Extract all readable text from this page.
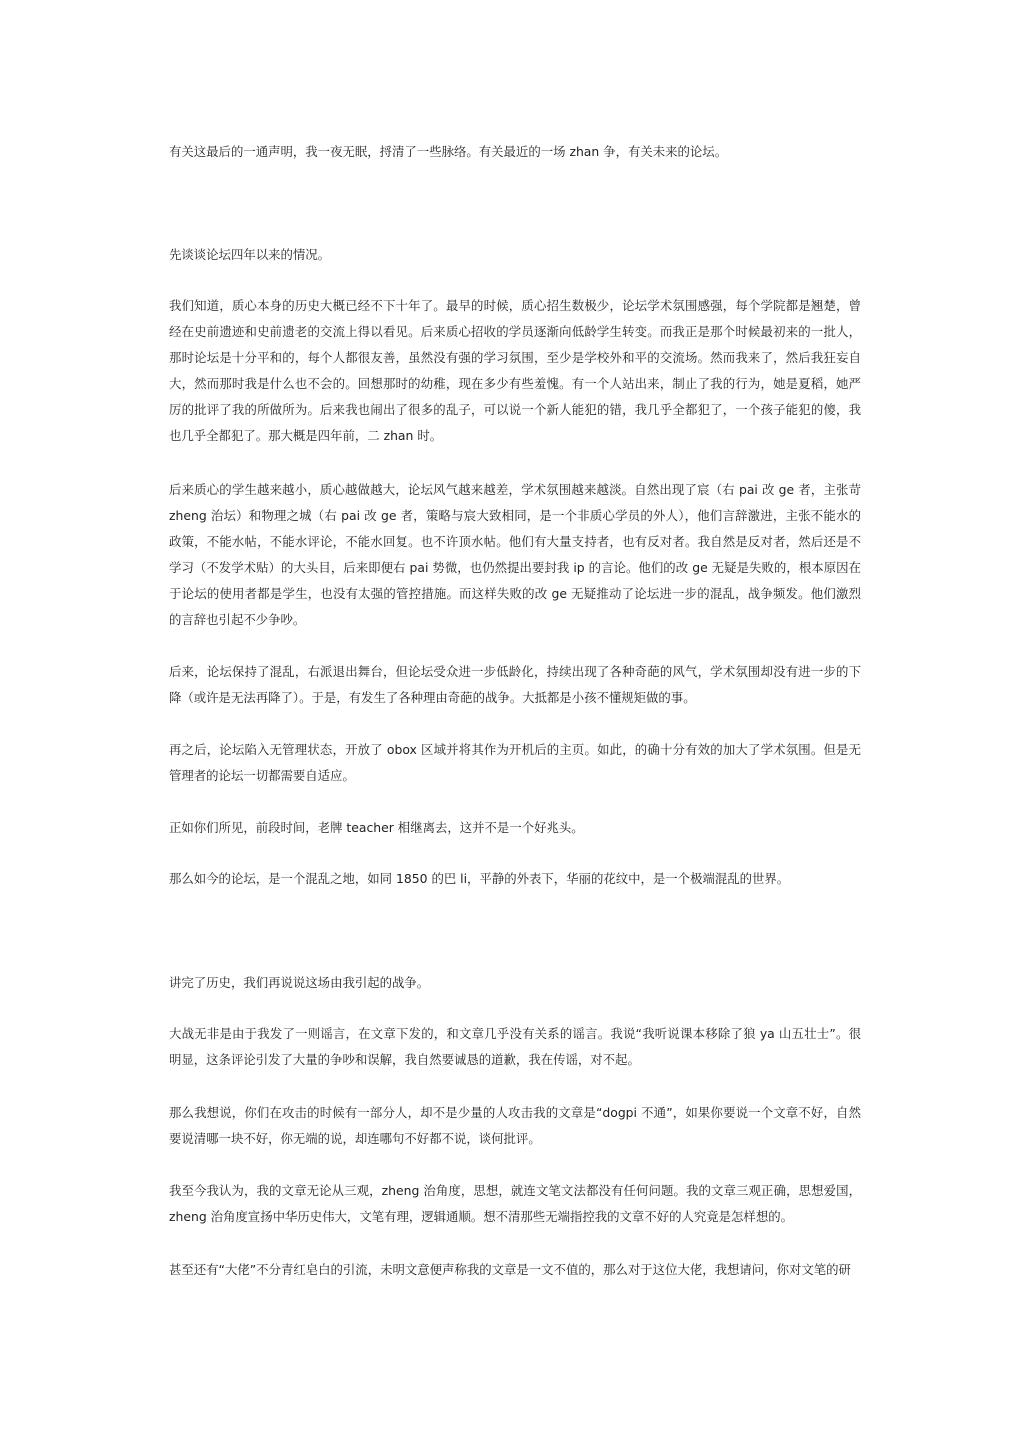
有关这最后的一通声明，我一夜无眠，捋清了一些脉络。有关最近的一场 zhan 争，有关未来的论坛。

先谈谈论坛四年以来的情况。

我们知道，质心本身的历史大概已经不下十年了。最早的时候，质心招生数极少，论坛学术氛围感强，每个学院都是翘楚，曾经在史前遗迹和史前遗老的交流上得以看见。后来质心招收的学员逐渐向低龄学生转变。而我正是那个时候最初来的一批人，那时论坛是十分平和的，每个人都很友善，虽然没有强的学习氛围，至少是学校外和平的交流场。然而我来了，然后我狂妄自大，然而那时我是什么也不会的。回想那时的幼稚，现在多少有些羞愧。有一个人站出来，制止了我的行为，她是夏稻，她严厉的批评了我的所做所为。后来我也闹出了很多的乱子，可以说一个新人能犯的错，我几乎全都犯了，一个孩子能犯的傻，我也几乎全都犯了。那大概是四年前，二 zhan 时。

后来质心的学生越来越小，质心越做越大，论坛风气越来越差，学术氛围越来越淡。自然出现了宸（右 pai 改 ge 者，主张苛 zheng 治坛）和物理之城（右 pai 改 ge 者，策略与宸大致相同，是一个非质心学员的外人），他们言辞激进，主张不能水的政策，不能水帖，不能水评论，不能水回复。也不许顶水帖。他们有大量支持者，也有反对者。我自然是反对者，然后还是不学习（不发学术贴）的大头目，后来即便右 pai 势微，也仍然提出要封我 ip 的言论。他们的改 ge 无疑是失败的，根本原因在于论坛的使用者都是学生，也没有太强的管控措施。而这样失败的改 ge 无疑推动了论坛进一步的混乱，战争频发。他们激烈的言辞也引起不少争吵。

后来，论坛保持了混乱，右派退出舞台，但论坛受众进一步低龄化，持续出现了各种奇葩的风气，学术氛围却没有进一步的下降（或许是无法再降了）。于是，有发生了各种理由奇葩的战争。大抵都是小孩不懂规矩做的事。

再之后，论坛陷入无管理状态，开放了 obox 区域并将其作为开机后的主页。如此，的确十分有效的加大了学术氛围。但是无管理者的论坛一切都需要自适应。

正如你们所见，前段时间，老牌 teacher 相继离去，这并不是一个好兆头。

那么如今的论坛，是一个混乱之地，如同 1850 的巴 li，平静的外表下，华丽的花纹中，是一个极端混乱的世界。

讲完了历史，我们再说说这场由我引起的战争。

大战无非是由于我发了一则谣言，在文章下发的，和文章几乎没有关系的谣言。我说“我听说课本移除了狼 ya 山五壮士”。很明显，这条评论引发了大量的争吵和误解，我自然要诚恳的道歉，我在传谣，对不起。

那么我想说，你们在攻击的时候有一部分人，却不是少量的人攻击我的文章是“dogpi 不通”，如果你要说一个文章不好，自然要说清哪一块不好，你无端的说，却连哪句不好都不说，谈何批评。

我至今我认为，我的文章无论从三观，zheng 治角度，思想，就连文笔文法都没有任何问题。我的文章三观正确，思想爱国，zheng 治角度宣扬中华历史伟大，文笔有理，逻辑通顺。想不清那些无端指控我的文章不好的人究竟是怎样想的。

甚至还有“大佬”不分青红皂白的引流，未明文意便声称我的文章是一文不值的，那么对于这位大佬，我想请问，你对文笔的研
